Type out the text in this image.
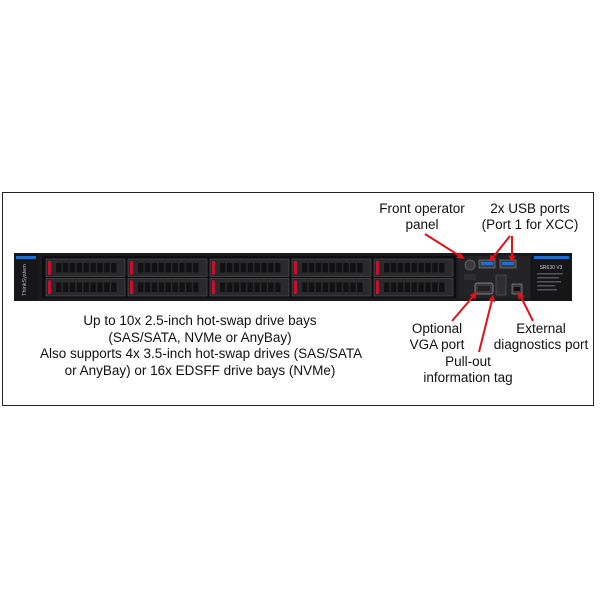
ThinkSystem	SR630 V3
Front operator
panel
2x USB ports
(Port 1 for XCC)
Optional
VGA port
External
diagnostics port
Pull-out
information tag
Up to 10x 2.5-inch hot-swap drive bays
(SAS/SATA, NVMe or AnyBay)
Also supports 4x 3.5-inch hot-swap drives (SAS/SATA
or AnyBay) or 16x EDSFF drive bays (NVMe)
